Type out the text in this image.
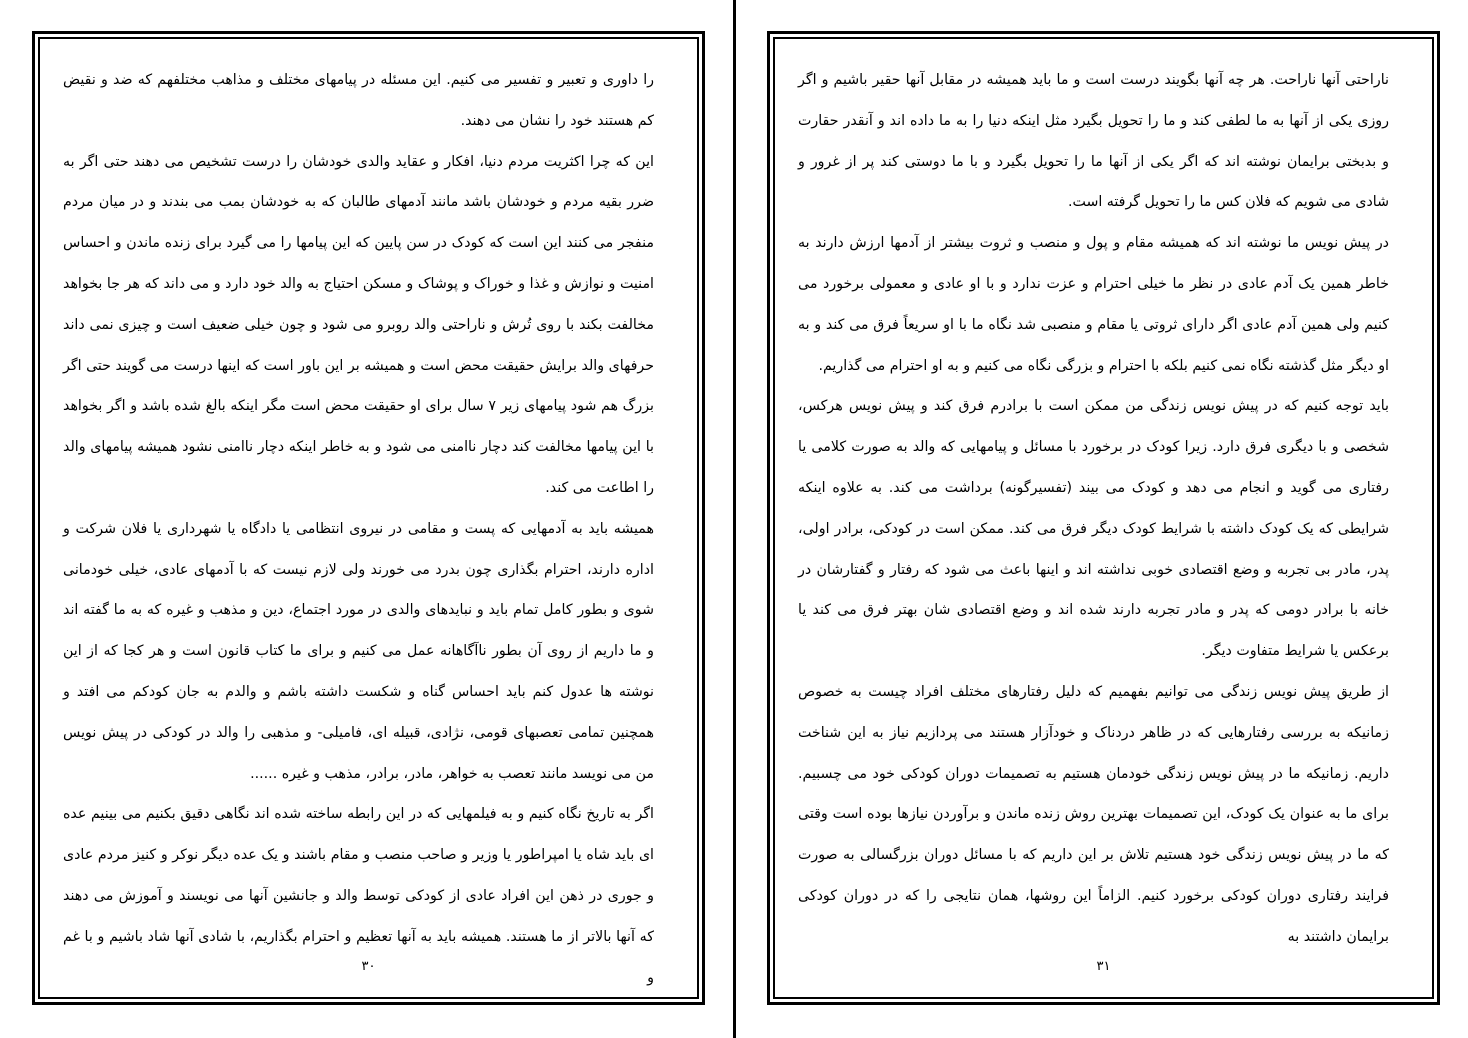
را داوری و تعبیر و تفسیر می کنیم. این مسئله در پیامهای مختلف و مذاهب مختلفهم که ضد و نقیض کم هستند خود را نشان می دهند.

این که چرا اکثریت مردم دنیا، افکار و عقاید والدی خودشان را درست تشخیص می دهند حتی اگر به ضرر بقیه مردم و خودشان باشد مانند آدمهای طالبان که به خودشان بمب می بندند و در میان مردم منفجر می کنند این است که کودک در سن پایین که این پیامها را می گیرد برای زنده ماندن و احساس امنیت و نوازش و غذا و خوراک و پوشاک و مسکن احتیاج به والد خود دارد و می داند که هر جا بخواهد مخالفت بکند با روی تُرش و ناراحتی والد روبرو می شود و چون خیلی ضعیف است و چیزی نمی داند حرفهای والد برایش حقیقت محض است و همیشه بر این باور است که اینها درست می گویند حتی اگر بزرگ هم شود پیامهای زیر ۷ سال برای او حقیقت محض است مگر اینکه بالغ شده باشد و اگر بخواهد با این پیامها مخالفت کند دچار ناامنی می شود و به خاطر اینکه دچار ناامنی نشود همیشه پیامهای والد را اطاعت می کند.

همیشه باید به آدمهایی که پست و مقامی در نیروی انتظامی یا دادگاه یا شهرداری یا فلان شرکت و اداره دارند، احترام بگذاری چون بدرد می خورند ولی لازم نیست که با آدمهای عادی، خیلی خودمانی شوی و بطور کامل تمام باید و نبایدهای والدی در مورد اجتماع، دین و مذهب و غیره که به ما گفته اند و ما داریم از روی آن بطور ناآگاهانه عمل می کنیم و برای ما کتاب قانون است و هر کجا که از این نوشته ها عدول کنم باید احساس گناه و شکست داشته باشم و والدم به جان کودکم می افتد و همچنین تمامی تعصبهای قومی، نژادی، قبیله ای، فامیلی- و مذهبی را والد در کودکی در پیش نویس من می نویسد مانند تعصب به خواهر، مادر، برادر، مذهب و غیره ......

اگر به تاریخ نگاه کنیم و به فیلمهایی که در این رابطه ساخته شده اند نگاهی دقیق بکنیم می بینیم عده ای باید شاه یا امپراطور یا وزیر و صاحب منصب و مقام باشند و یک عده دیگر نوکر و کنیز مردم عادی و جوری در ذهن این افراد عادی از کودکی توسط والد و جانشین آنها می نویسند و آموزش می دهند که آنها بالاتر از ما هستند. همیشه باید به آنها تعظیم و احترام بگذاریم، با شادی آنها شاد باشیم و با غم و

۳۰

ناراحتی آنها ناراحت. هر چه آنها بگویند درست است و ما باید همیشه در مقابل آنها حقیر باشیم و اگر روزی یکی از آنها به ما لطفی کند و ما را تحویل بگیرد مثل اینکه دنیا را به ما داده اند و آنقدر حقارت و بدبختی برایمان نوشته اند که اگر یکی از آنها ما را تحویل بگیرد و با ما دوستی کند پر از غرور و شادی می شویم که فلان کس ما را تحویل گرفته است.

در پیش نویس ما نوشته اند که همیشه مقام و پول و منصب و ثروت بیشتر از آدمها ارزش دارند به خاطر همین یک آدم عادی در نظر ما خیلی احترام و عزت ندارد و با او عادی و معمولی برخورد می کنیم ولی همین آدم عادی اگر دارای ثروتی یا مقام و منصبی شد نگاه ما با او سریعاً فرق می کند و به او دیگر مثل گذشته نگاه نمی کنیم بلکه با احترام و بزرگی نگاه می کنیم و به او احترام می گذاریم.

باید توجه کنیم که در پیش نویس زندگی من ممکن است با برادرم فرق کند و پیش نویس هرکس، شخصی و با دیگری فرق دارد. زیرا کودک در برخورد با مسائل و پیامهایی که والد به صورت کلامی یا رفتاری می گوید و انجام می دهد و کودک می بیند (تفسیرگونه) برداشت می کند. به علاوه اینکه شرایطی که یک کودک داشته با شرایط کودک دیگر فرق می کند. ممکن است در کودکی، برادر اولی، پدر، مادر بی تجربه و وضع اقتصادی خوبی نداشته اند و اینها باعث می شود که رفتار و گفتارشان در خانه با برادر دومی که پدر و مادر تجربه دارند شده اند و وضع اقتصادی شان بهتر فرق می کند یا برعکس یا شرایط متفاوت دیگر.

از طریق پیش نویس زندگی می توانیم بفهمیم که دلیل رفتارهای مختلف افراد چیست به خصوص زمانیکه به بررسی رفتارهایی که در ظاهر دردناک و خودآزار هستند می پردازیم نیاز به این شناخت داریم. زمانیکه ما در پیش نویس زندگی خودمان هستیم به تصمیمات دوران کودکی خود می چسبیم. برای ما به عنوان یک کودک، این تصمیمات بهترین روش زنده ماندن و برآوردن نیازها بوده است وقتی که ما در پیش نویس زندگی خود هستیم تلاش بر این داریم که با مسائل دوران بزرگسالی به صورت فرایند رفتاری دوران کودکی برخورد کنیم. الزاماً این روشها، همان نتایجی را که در دوران کودکی برایمان داشتند به

۳۱
